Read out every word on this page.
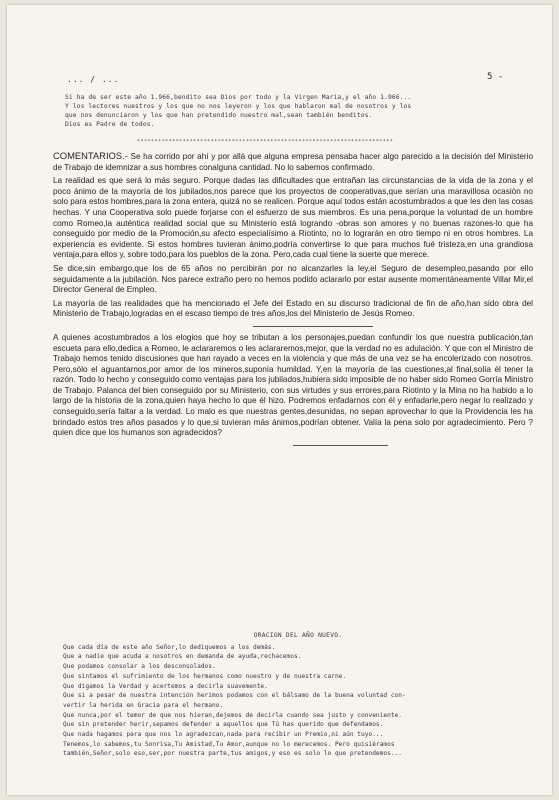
... / ...	5 -

Si ha de ser este año 1.966,bendito sea Dios por todo y la Virgen María,y el año 1.966...

Y los lectores nuestros y los que no nos leyeron y los que hablaron mal de nosotros y los

que nos denunciaron y los que han pretendido nuestro mal,sean también benditos.

Dios es Padre de todos.

*************************************************************************

COMENTARIOS.- Se ha corrido por ahí y por allá que alguna empresa pensaba hacer algo parecido a la decisión del Ministerio de Trabajo de idemnizar a sus hombres conalguna cantidad. No lo sabemos confirmado.

La realidad es que será lo más seguro. Porque dadas las dificultades que entrañan las circunstancias de la vida de la zona y el poco ánimo de la mayoría de los jubilados,nos parece que los proyectos de cooperativas,que serían una maravillosa ocasión no solo para estos hombres,para la zona entera, quizá no se realicen. Porque aquí todos están acostumbrados a que les den las cosas hechas. Y una Cooperativa solo puede forjarse con el esfuerzo de sus miembros. Es una pena,porque la voluntad de un hombre como Romeo,la auténtica realidad social que su Ministerio está logrando -obras son amores y no buenas razones-lo que ha conseguido por medio de la Promoción,su afecto especialísimo a Riotinto, no lo lograrán en otro tiempo ni en otros hombres. La experiencia es evidente. Si estos hombres tuvieran ánimo,podría convertirse lo que para muchos fué tristeza,en una grandiosa ventaja,para ellos y, sobre todo,para los pueblos de la zona. Pero,cada cual tiene la suerte que merece.

Se dice,sin embargo,que los de 65 años no percibirán por no alcanzarles la ley,el Seguro de desempleo,pasando por ello seguidamente a la jubilación. Nos parece extraño pero no hemos podido aclararlo por estar ausente momentáneamente Villar Mir,el Director General de Empleo.

La mayoría de las realidades que ha mencionado el Jefe del Estado en su discurso tradicional de fin de año,han sido obra del Ministerio de Trabajo,logradas en el escaso tiempo de tres años,los del Ministerio de Jesús Romeo.

A quienes acostumbrados a los elogios que hoy se tributan a los personajes,puedan confundir los que nuestra publicación,tan escueta para ello,dedica a Romeo, le aclararemos o les aclararemos,mejor, que la verdad no es adulación. Y que con el Ministro de Trabajo hemos tenido discusiones que han rayado a veces en la violencia y que más de una vez se ha encolerizado con nosotros. Pero,sólo el aguantarnos,por amor de los mineros,suponía humildad. Y,en la mayoría de las cuestiones,al final,solía él tener la razón. Todo lo hecho y conseguido como ventajas para los jubilados,hubiera sido imposible de no haber sido Romeo Gorría Ministro de Trabajo. Palanca del bien conseguido por su Ministerio, con sus virtudes y sus errores,para Riotinto y la Mina no ha habido a lo largo de la historia de la zona,quien haya hecho lo que él hizo. Podremos enfadarnos con él y enfadarle,pero negar lo realizado y conseguido,sería faltar a la verdad. Lo malo es que nuestras gentes,desunidas, no sepan aprovechar lo que la Providencia les ha brindado estos tres años pasados y lo que,si tuvieran más ánimos,podrían obtener. Valía la pena solo por agradecimiento. Pero ?quien dice que los humanos son agradecidos?

ORACION DEL AÑO NUEVO.

Que cada día de este año Señor,lo dediquemos a los demás.

Que a nadie que acuda a nosotros en demanda de ayuda,rechacemos.

Que podamos consolar a los desconsolados.

Que sintamos el sufrimiento de los hermanos como nuestro y de nuestra carne.

Que digamos la Verdad y acertemos a decirla suavemente.

Que si a pesar de nuestra intención herimos podamos con el bálsamo de la buena voluntad con-

vertir la herida en Gracia para el hermano.

Que nunca,por el temor de que nos hieran,dejemos de decirla cuando sea justo y conveniente.

Que sin pretender herir,sepamos defender a aquellos que Tú has querido que defendamos.

Que nada hagamos para que nos lo agradezcan,nada para recibir un Premio,ni aún tuyo...

Tenemos,lo sabemos,tu Sonrisa,Tu Amistad,Tu Amor,aunque no lo merecemos. Pero quisiéramos

también,Señor,solo eso,ser,por nuestra parte,tus amigos,y eso es solo lo que pretendemos...
